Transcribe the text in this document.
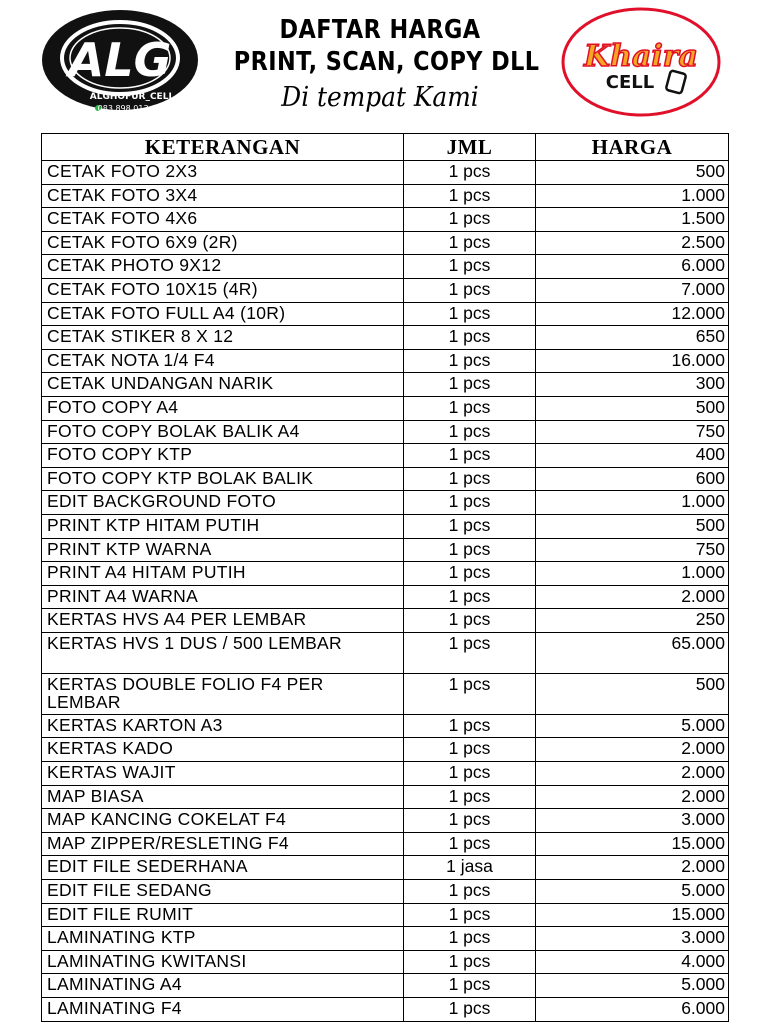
ALG
ALGHOFUR_CELL
083 898 013 630
DAFTAR HARGA
PRINT, SCAN, COPY DLL
Di tempat Kami
Khaira
CELL
KETERANGAN	JML	HARGA
CETAK FOTO 2X3	1 pcs	500
CETAK FOTO 3X4	1 pcs	1.000
CETAK FOTO 4X6	1 pcs	1.500
CETAK FOTO 6X9 (2R)	1 pcs	2.500
CETAK PHOTO 9X12	1 pcs	6.000
CETAK FOTO 10X15 (4R)	1 pcs	7.000
CETAK FOTO FULL A4 (10R)	1 pcs	12.000
CETAK STIKER 8 X 12	1 pcs	650
CETAK NOTA 1/4 F4	1 pcs	16.000
CETAK UNDANGAN NARIK	1 pcs	300
FOTO COPY A4	1 pcs	500
FOTO COPY BOLAK BALIK A4	1 pcs	750
FOTO COPY KTP	1 pcs	400
FOTO COPY KTP BOLAK BALIK	1 pcs	600
EDIT BACKGROUND FOTO	1 pcs	1.000
PRINT KTP HITAM PUTIH	1 pcs	500
PRINT KTP WARNA	1 pcs	750
PRINT A4 HITAM PUTIH	1 pcs	1.000
PRINT A4 WARNA	1 pcs	2.000
KERTAS HVS A4 PER LEMBAR	1 pcs	250
KERTAS HVS 1 DUS / 500 LEMBAR	1 pcs	65.000
KERTAS DOUBLE FOLIO F4 PER LEMBAR	1 pcs	500
KERTAS KARTON A3	1 pcs	5.000
KERTAS KADO	1 pcs	2.000
KERTAS WAJIT	1 pcs	2.000
MAP BIASA	1 pcs	2.000
MAP KANCING COKELAT F4	1 pcs	3.000
MAP ZIPPER/RESLETING F4	1 pcs	15.000
EDIT FILE SEDERHANA	1 jasa	2.000
EDIT FILE SEDANG	1 pcs	5.000
EDIT FILE RUMIT	1 pcs	15.000
LAMINATING KTP	1 pcs	3.000
LAMINATING KWITANSI	1 pcs	4.000
LAMINATING A4	1 pcs	5.000
LAMINATING F4	1 pcs	6.000
